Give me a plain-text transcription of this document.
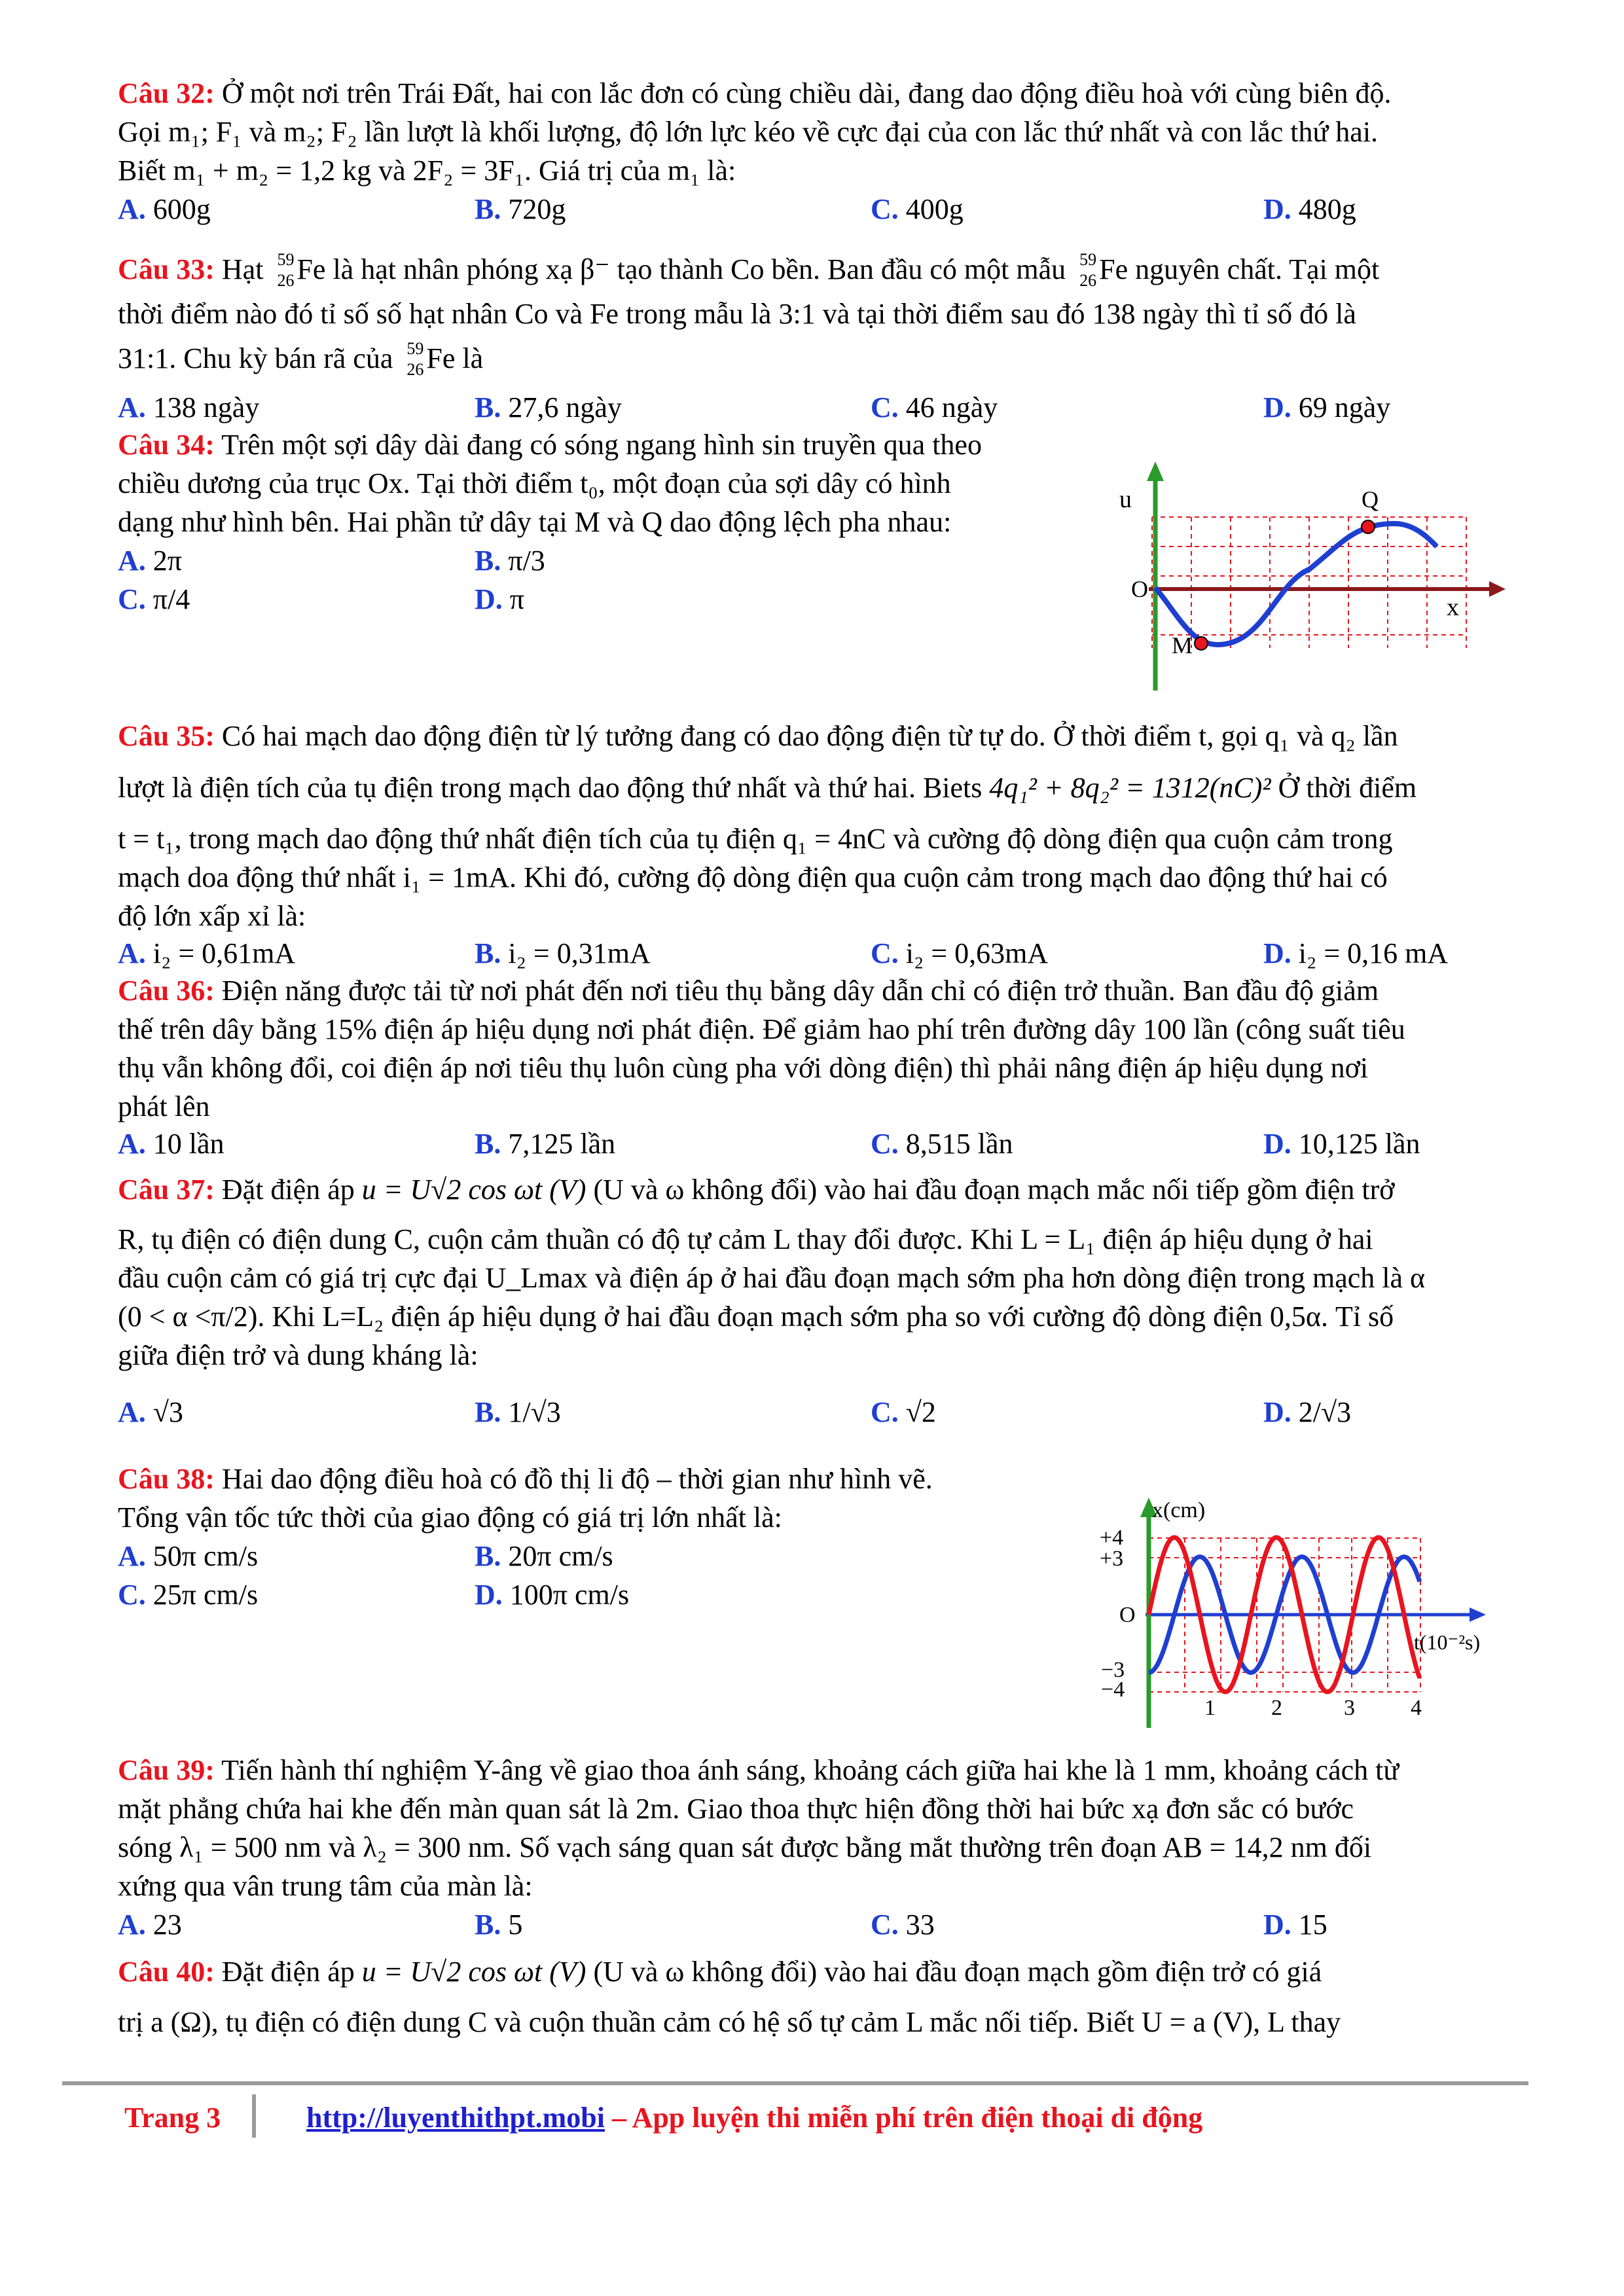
Câu 32: Ở một nơi trên Trái Đất, hai con lắc đơn có cùng chiều dài, đang dao động điều hoà với cùng biên độ.
Gọi m₁; F₁ và m₂; F₂ lần lượt là khối lượng, độ lớn lực kéo về cực đại của con lắc thứ nhất và con lắc thứ hai.
Biết m₁ + m₂ = 1,2 kg và 2F₂ = 3F₁. Giá trị của m₁ là:
A. 600g	B. 720g	C. 400g	D. 480g
Câu 33: Hạt 59
26 Fe là hạt nhân phóng xạ β⁻ tạo thành Co bền. Ban đầu có một mẫu 59
26 Fe nguyên chất. Tại một
thời điểm nào đó tỉ số số hạt nhân Co và Fe trong mẫu là 3:1 và tại thời điểm sau đó 138 ngày thì tỉ số đó là
31:1. Chu kỳ bán rã của 59
26 Fe là
A. 138 ngày	B. 27,6 ngày	C. 46 ngày	D. 69 ngày
Câu 34: Trên một sợi dây dài đang có sóng ngang hình sin truyền qua theo
chiều dương của trục Ox. Tại thời điểm t₀, một đoạn của sợi dây có hình
dạng như hình bên. Hai phần tử dây tại M và Q dao động lệch pha nhau:
A. 2π	B. π/3
C. π/4	D. π
u
x
O
M
Q
Câu 35: Có hai mạch dao động điện từ lý tưởng đang có dao động điện từ tự do. Ở thời điểm t, gọi q₁ và q₂ lần
lượt là điện tích của tụ điện trong mạch dao động thứ nhất và thứ hai. Biets 4q₁² + 8q₂² = 1312(nC)² Ở thời điểm
t = t₁, trong mạch dao động thứ nhất điện tích của tụ điện q₁ = 4nC và cường độ dòng điện qua cuộn cảm trong
mạch doa động thứ nhất i₁ = 1mA. Khi đó, cường độ dòng điện qua cuộn cảm trong mạch dao động thứ hai có
độ lớn xấp xỉ là:
A. i₂ = 0,61mA	B. i₂ = 0,31mA	C. i₂ = 0,63mA	D. i₂ = 0,16 mA
Câu 36: Điện năng được tải từ nơi phát đến nơi tiêu thụ bằng dây dẫn chỉ có điện trở thuần. Ban đầu độ giảm
thế trên dây bằng 15% điện áp hiệu dụng nơi phát điện. Để giảm hao phí trên đường dây 100 lần (công suất tiêu
thụ vẫn không đổi, coi điện áp nơi tiêu thụ luôn cùng pha với dòng điện) thì phải nâng điện áp hiệu dụng nơi
phát lên
A. 10 lần	B. 7,125 lần	C. 8,515 lần	D. 10,125 lần
Câu 37: Đặt điện áp u = U√2 cos ωt (V) (U và ω không đổi) vào hai đầu đoạn mạch mắc nối tiếp gồm điện trở
R, tụ điện có điện dung C, cuộn cảm thuần có độ tự cảm L thay đổi được. Khi L = L₁ điện áp hiệu dụng ở hai
đầu cuộn cảm có giá trị cực đại U_Lmax và điện áp ở hai đầu đoạn mạch sớm pha hơn dòng điện trong mạch là α
(0 < α <π/2). Khi L=L₂ điện áp hiệu dụng ở hai đầu đoạn mạch sớm pha so với cường độ dòng điện 0,5α. Tỉ số
giữa điện trở và dung kháng là:
A. √3	B. 1/√3	C. √2	D. 2/√3
Câu 38: Hai dao động điều hoà có đồ thị li độ – thời gian như hình vẽ.
Tổng vận tốc tức thời của giao động có giá trị lớn nhất là:
A. 50π cm/s	B. 20π cm/s
C. 25π cm/s	D. 100π cm/s
x(cm)
t(10⁻²s)
+4
+3
O
−3
−4
1	2	3	4
Câu 39: Tiến hành thí nghiệm Y-âng về giao thoa ánh sáng, khoảng cách giữa hai khe là 1 mm, khoảng cách từ
mặt phẳng chứa hai khe đến màn quan sát là 2m. Giao thoa thực hiện đồng thời hai bức xạ đơn sắc có bước
sóng λ₁ = 500 nm và λ₂ = 300 nm. Số vạch sáng quan sát được bằng mắt thường trên đoạn AB = 14,2 nm đối
xứng qua vân trung tâm của màn là:
A. 23	B. 5	C. 33	D. 15
Câu 40: Đặt điện áp u = U√2 cos ωt (V) (U và ω không đổi) vào hai đầu đoạn mạch gồm điện trở có giá
trị a (Ω), tụ điện có điện dung C và cuộn thuần cảm có hệ số tự cảm L mắc nối tiếp. Biết U = a (V), L thay
Trang 3	http://luyenthithpt.mobi – App luyện thi miễn phí trên điện thoại di động
